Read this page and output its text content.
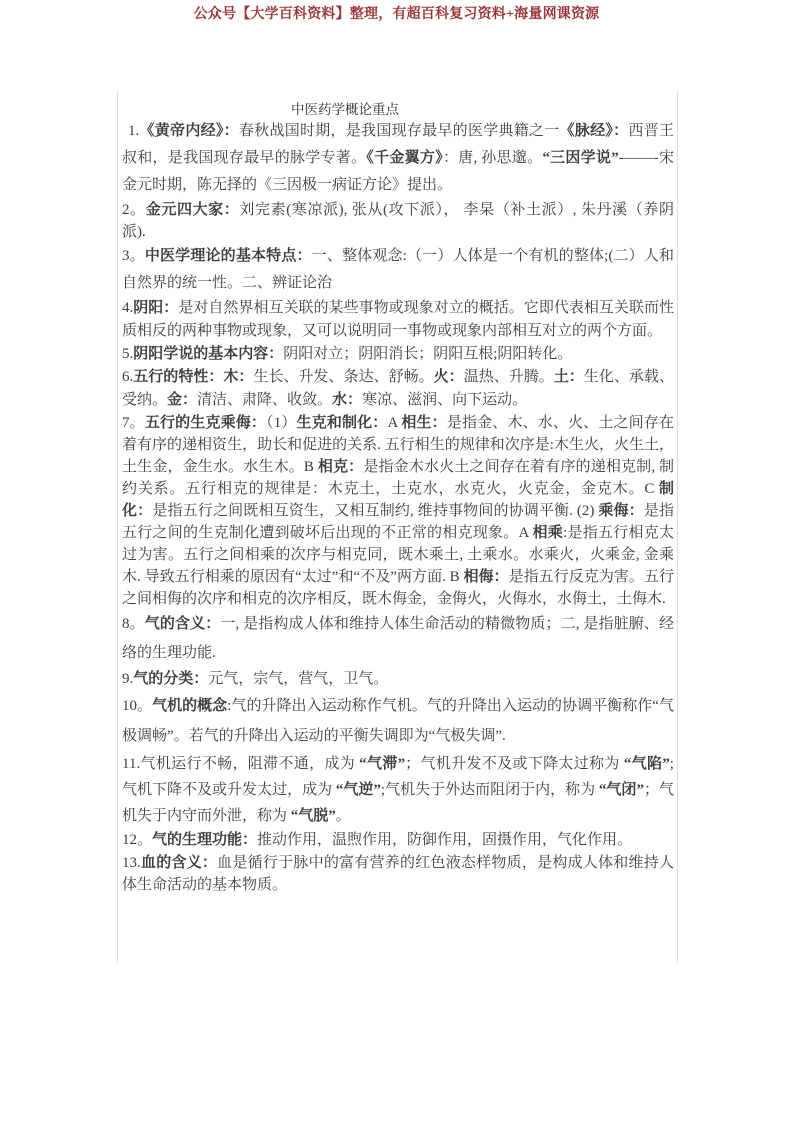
公众号【大学百科资料】整理，有超百科复习资料+海量网课资源
中医药学概论重点

1.《黄帝内经》：春秋战国时期，是我国现存最早的医学典籍之一《脉经》：西晋王叔和，是我国现存最早的脉学专著。《千金翼方》：唐, 孙思邈。“三因学说”-——-宋金元时期，陈无择的《三因极一病证方论》提出。

2。金元四大家：刘完素(寒凉派), 张从(攻下派）， 李杲（补土派）, 朱丹溪（养阴派).

3。中医学理论的基本特点：一、整体观念:（一）人体是一个有机的整体;(二）人和自然界的统一性。二、辨证论治

4.阴阳：是对自然界相互关联的某些事物或现象对立的概括。它即代表相互关联而性质相反的两种事物或现象，又可以说明同一事物或现象内部相互对立的两个方面。

5.阴阳学说的基本内容：阴阳对立；阴阳消长；阴阳互根;阴阳转化。

6.五行的特性：木：生长、升发、条达、舒畅。火：温热、升腾。土：生化、承载、受纳。金：清洁、肃降、收敛。水：寒凉、滋润、向下运动。

7。五行的生克乘侮：（1）生克和制化：A 相生：是指金、木、水、火、土之间存在着有序的递相资生，助长和促进的关系. 五行相生的规律和次序是:木生火，火生土，土生金，金生水。水生木。B 相克：是指金木水火土之间存在着有序的递相克制, 制约关系。五行相克的规律是：木克土，土克水，水克火，火克金，金克木。C 制化：是指五行之间既相互资生，又相互制约, 维持事物间的协调平衡. (2) 乘侮：是指五行之间的生克制化遭到破坏后出现的不正常的相克现象。A 相乘:是指五行相克太过为害。五行之间相乘的次序与相克同，既木乘土, 土乘水。水乘火，火乘金, 金乘木. 导致五行相乘的原因有“太过”和“不及”两方面. B 相侮：是指五行反克为害。五行之间相侮的次序和相克的次序相反，既木侮金，金侮火，火侮水，水侮土，土侮木.

8。气的含义：一, 是指构成人体和维持人体生命活动的精微物质；二, 是指脏腑、经络的生理功能.

9.气的分类：元气，宗气，营气，卫气。

10。气机的概念:气的升降出入运动称作气机。气的升降出入运动的协调平衡称作“气极调畅”。若气的升降出入运动的平衡失调即为“气极失调”.

11.气机运行不畅，阻滞不通，成为 “气滞”；气机升发不及或下降太过称为 “气陷”;气机下降不及或升发太过，成为 “气逆”;气机失于外达而阻闭于内，称为 “气闭”；气机失于内守而外泄，称为 “气脱”。

12。气的生理功能：推动作用，温煦作用，防御作用，固摄作用，气化作用。

13.血的含义：血是循行于脉中的富有营养的红色液态样物质，是构成人体和维持人体生命活动的基本物质。
